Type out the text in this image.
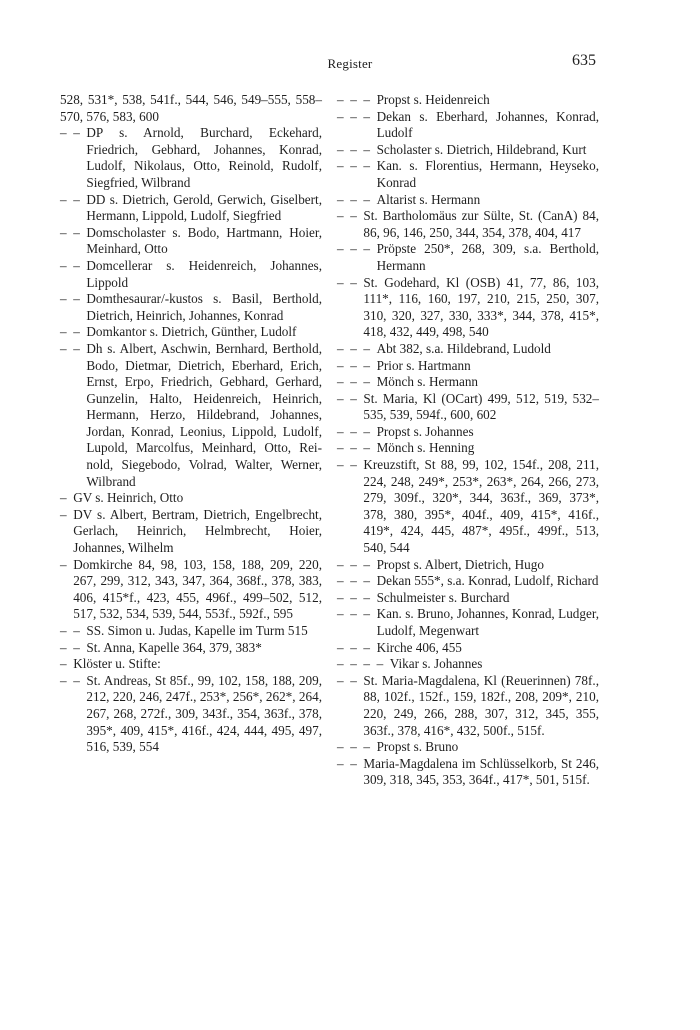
Register	635
528, 531*, 538, 541f., 544, 546, 549–555, 558–570, 576, 583, 600
–  – DP s. Arnold, Burchard, Eckehard, Friedrich, Gebhard, Johannes, Konrad, Ludolf, Nikolaus, Otto, Reinold, Rudolf, Siegfried, Wilbrand
–  – DD s. Dietrich, Gerold, Gerwich, Giselbert, Hermann, Lippold, Ludolf, Siegfried
–  – Domscholaster s. Bodo, Hartmann, Hoier, Meinhard, Otto
–  – Domcellerar s. Heidenreich, Johannes, Lippold
–  – Domthesaurar/-kustos s. Basil, Berthold, Dietrich, Heinrich, Johannes, Konrad
–  – Domkantor s. Dietrich, Günther, Ludolf
–  – Dh s. Albert, Aschwin, Bernhard, Berthold, Bodo, Dietmar, Dietrich, Eberhard, Erich, Ernst, Erpo, Friedrich, Gebhard, Gerhard, Gunzelin, Halto, Heidenreich, Heinrich, Hermann, Herzo, Hildebrand, Johannes, Jordan, Konrad, Leonius, Lippold, Ludolf, Lupold, Marcolfus, Meinhard, Otto, Reinold, Siegebodo, Volrad, Walter, Werner, Wilbrand
– GV s. Heinrich, Otto
– DV s. Albert, Bertram, Dietrich, Engelbrecht, Gerlach, Heinrich, Helmbrecht, Hoier, Johannes, Wilhelm
– Domkirche 84, 98, 103, 158, 188, 209, 220, 267, 299, 312, 343, 347, 364, 368f., 378, 383, 406, 415*f., 423, 455, 496f., 499–502, 512, 517, 532, 534, 539, 544, 553f., 592f., 595
–  – SS. Simon u. Judas, Kapelle im Turm 515
–  – St. Anna, Kapelle 364, 379, 383*
– Klöster u. Stifte:
–  – St. Andreas, St 85f., 99, 102, 158, 188, 209, 212, 220, 246, 247f., 253*, 256*, 262*, 264, 267, 268, 272f., 309, 343f., 354, 363f., 378, 395*, 409, 415*, 416f., 424, 444, 495, 497, 516, 539, 554
–  –  – Propst s. Heidenreich
–  –  – Dekan s. Eberhard, Johannes, Konrad, Ludolf
–  –  – Scholaster s. Dietrich, Hildebrand, Kurt
–  –  – Kan. s. Florentius, Hermann, Heyseko, Konrad
–  –  – Altarist s. Hermann
–  – St. Bartholomäus zur Sülte, St. (CanA) 84, 86, 96, 146, 250, 344, 354, 378, 404, 417
–  –  – Pröpste 250*, 268, 309, s.a. Berthold, Hermann
–  – St. Godehard, Kl (OSB) 41, 77, 86, 103, 111*, 116, 160, 197, 210, 215, 250, 307, 310, 320, 327, 330, 333*, 344, 378, 415*, 418, 432, 449, 498, 540
–  –  – Abt 382, s.a. Hildebrand, Ludold
–  –  – Prior s. Hartmann
–  –  – Mönch s. Hermann
–  – St. Maria, Kl (OCart) 499, 512, 519, 532–535, 539, 594f., 600, 602
–  –  – Propst s. Johannes
–  –  – Mönch s. Henning
–  – Kreuzstift, St 88, 99, 102, 154f., 208, 211, 224, 248, 249*, 253*, 263*, 264, 266, 273, 279, 309f., 320*, 344, 363f., 369, 373*, 378, 380, 395*, 404f., 409, 415*, 416f., 419*, 424, 445, 487*, 495f., 499f., 513, 540, 544
–  –  – Propst s. Albert, Dietrich, Hugo
–  –  – Dekan 555*, s.a. Konrad, Ludolf, Richard
–  –  – Schulmeister s. Burchard
–  –  – Kan. s. Bruno, Johannes, Konrad, Ludger, Ludolf, Megenwart
–  –  – Kirche 406, 455
–  –  –  – Vikar s. Johannes
–  – St. Maria-Magdalena, Kl (Reuerinnen) 78f., 88, 102f., 152f., 159, 182f., 208, 209*, 210, 220, 249, 266, 288, 307, 312, 345, 355, 363f., 378, 416*, 432, 500f., 515f.
–  –  – Propst s. Bruno
–  – Maria-Magdalena im Schlüsselkorb, St 246, 309, 318, 345, 353, 364f., 417*, 501, 515f.
